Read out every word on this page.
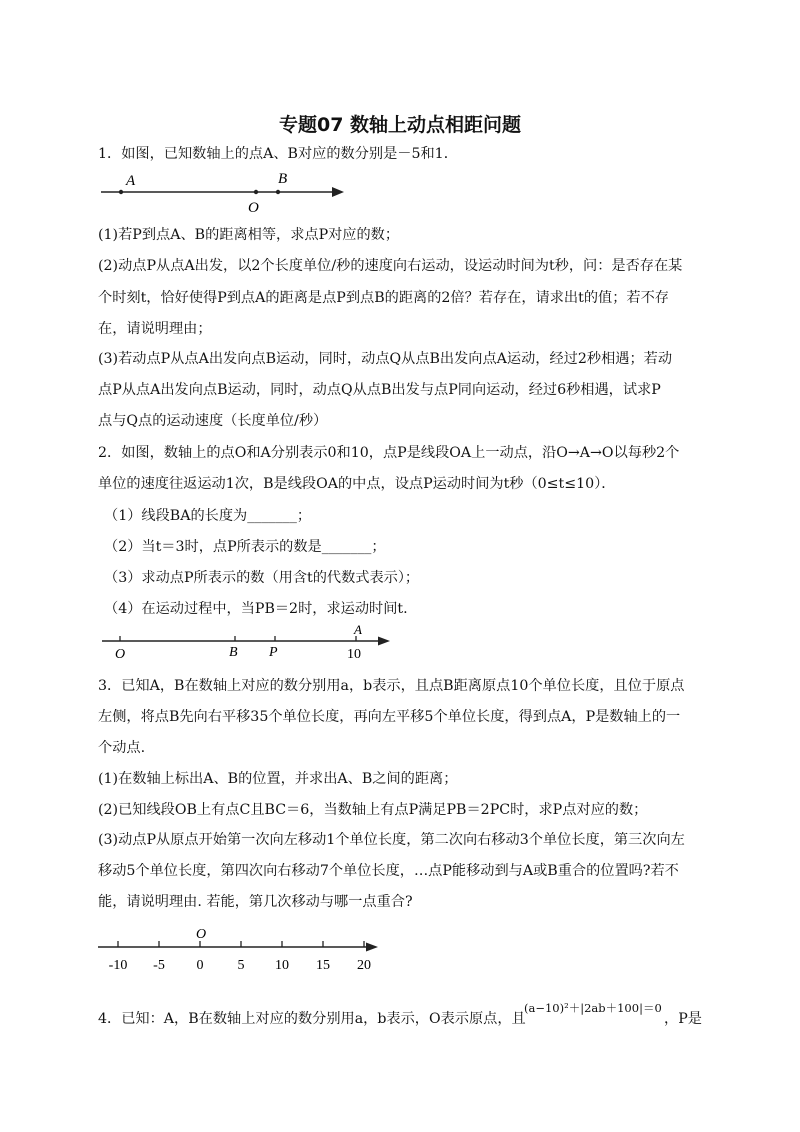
专题07 数轴上动点相距问题
1．如图，已知数轴上的点A、B对应的数分别是－5和1．
A	B
O
(1)若P到点A、B的距离相等，求点P对应的数；
(2)动点P从点A出发，以2个长度单位/秒的速度向右运动，设运动时间为t秒，问：是否存在某
个时刻t，恰好使得P到点A的距离是点P到点B的距离的2倍？若存在，请求出t的值；若不存
在，请说明理由；
(3)若动点P从点A出发向点B运动，同时，动点Q从点B出发向点A运动，经过2秒相遇；若动
点P从点A出发向点B运动，同时，动点Q从点B出发与点P同向运动，经过6秒相遇，试求P
点与Q点的运动速度（长度单位/秒）
2．如图，数轴上的点O和A分别表示0和10，点P是线段OA上一动点，沿O→A→O以每秒2个
单位的速度往返运动1次，B是线段OA的中点，设点P运动时间为t秒（0≤t≤10）．
（1）线段BA的长度为_______；
（2）当t＝3时，点P所表示的数是_______；
（3）求动点P所表示的数（用含t的代数式表示）；
（4）在运动过程中，当PB＝2时，求运动时间t.
O	B P
A
10
3．已知A，B在数轴上对应的数分别用a，b表示，且点B距离原点10个单位长度，且位于原点
左侧，将点B先向右平移35个单位长度，再向左平移5个单位长度，得到点A，P是数轴上的一
个动点.
(1)在数轴上标出A、B的位置，并求出A、B之间的距离；
(2)已知线段OB上有点C且BC＝6，当数轴上有点P满足PB＝2PC时，求P点对应的数；
(3)动点P从原点开始第一次向左移动1个单位长度，第二次向右移动3个单位长度，第三次向左
移动5个单位长度，第四次向右移动7个单位长度，…点P能移动到与A或B重合的位置吗?若不
能，请说明理由. 若能，第几次移动与哪一点重合?
O
-10 -5 0 5 10 15 20
4．已知：A，B在数轴上对应的数分别用a，b表示，O表示原点，且
(a−10)²＋|2ab＋100|＝0
，P是
